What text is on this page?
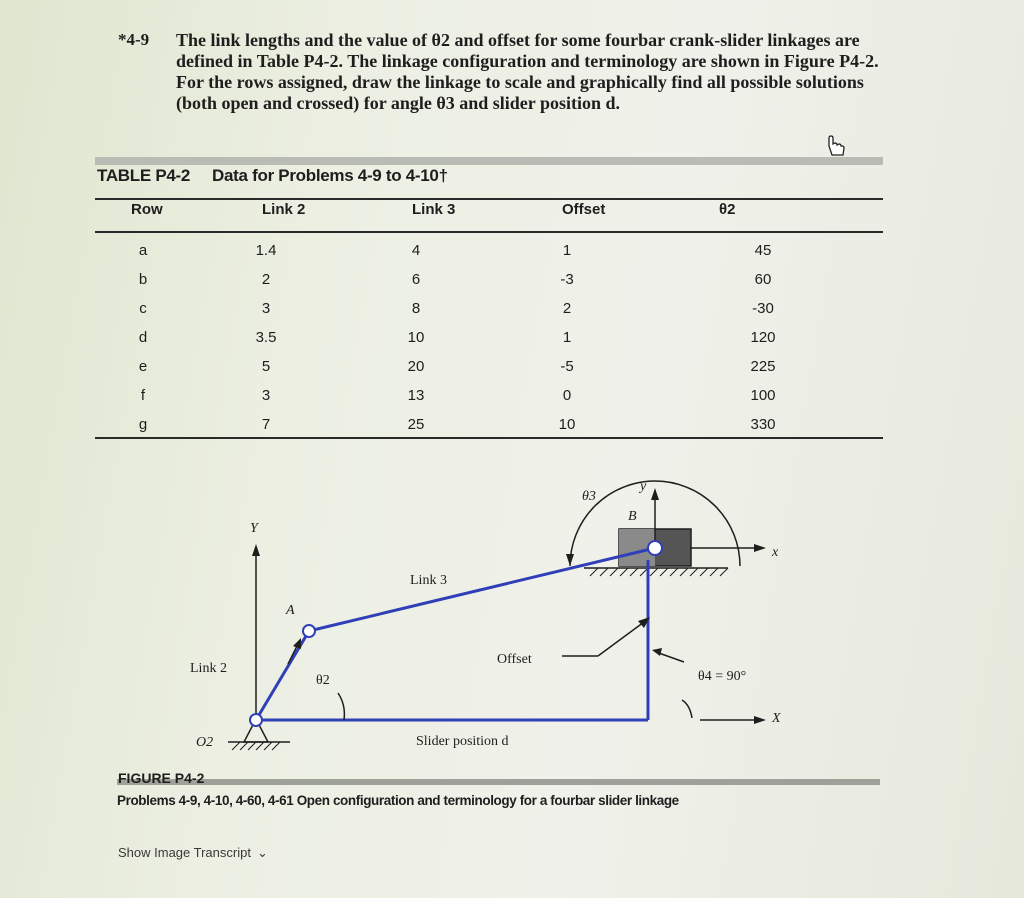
*4-9 The link lengths and the value of θ2 and offset for some fourbar crank-slider linkages are defined in Table P4-2. The linkage configuration and terminology are shown in Figure P4-2. For the rows assigned, draw the linkage to scale and graphically find all possible solutions (both open and crossed) for angle θ3 and slider position d.
TABLE P4-2 Data for Problems 4-9 to 4-10†
Row	Link 2	Link 3	Offset	θ2
a	1.4	4	1	45
b	2	6	-3	60
c	3	8	2	-30
d	3.5	10	1	120
e	5	20	-5	225
f	3	13	0	100
g	7	25	10	330
Y
X
θ3
y
B
x
A
Link 2
θ2
O2
Link 3
Offset
θ4 = 90°
Slider position d
FIGURE P4-2
Problems 4-9, 4-10, 4-60, 4-61 Open configuration and terminology for a fourbar slider linkage
Show Image Transcript ⌄
